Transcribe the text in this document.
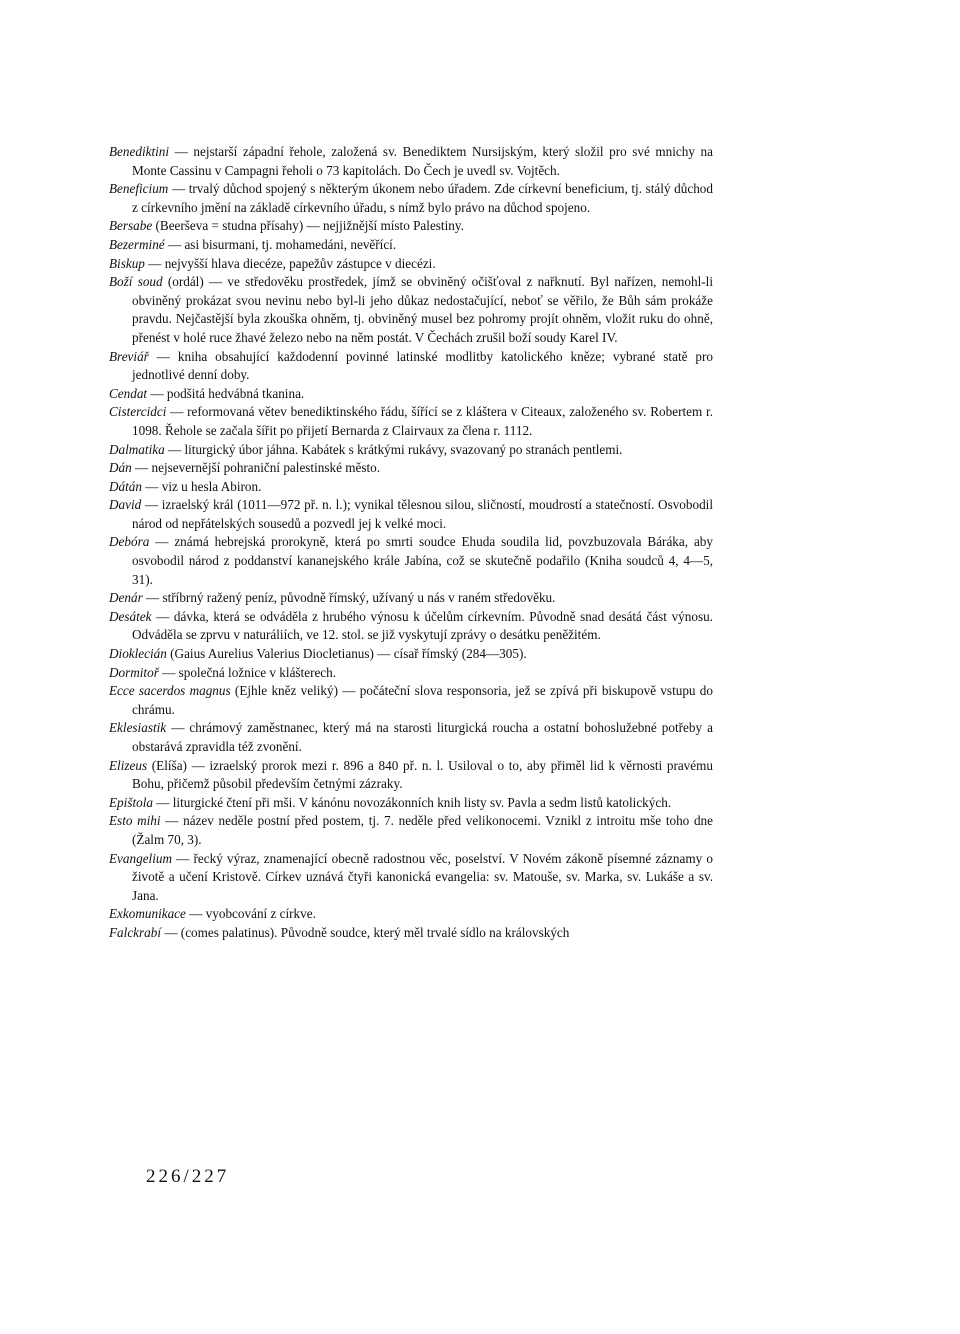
Benediktini — nejstarší západní řehole, založená sv. Benediktem Nursijským, který složil pro své mnichy na Monte Cassinu v Campagni řeholi o 73 kapitolách. Do Čech je uvedl sv. Vojtěch.

Beneficium — trvalý důchod spojený s některým úkonem nebo úřadem. Zde církevní beneficium, tj. stálý důchod z církevního jmění na základě církevního úřadu, s nímž bylo právo na důchod spojeno.

Bersabe (Beerševa = studna přísahy) — nejjižnější místo Palestiny.

Bezerminé — asi bisurmani, tj. mohamedáni, nevěřící.

Biskup — nejvyšší hlava diecéze, papežův zástupce v diecézi.

Boží soud (ordál) — ve středověku prostředek, jímž se obviněný očišťoval z nařknutí. Byl nařízen, nemohl-li obviněný prokázat svou nevinu nebo byl-li jeho důkaz nedostačující, neboť se věřilo, že Bůh sám prokáže pravdu. Nejčastější byla zkouška ohněm, tj. obviněný musel bez pohromy projít ohněm, vložit ruku do ohně, přenést v holé ruce žhavé železo nebo na něm postát. V Čechách zrušil boží soudy Karel IV.

Breviář — kniha obsahující každodenní povinné latinské modlitby katolického kněze; vybrané statě pro jednotlivé denní doby.

Cendat — podšitá hedvábná tkanina.

Cistercidci — reformovaná větev benediktinského řádu, šířící se z kláštera v Citeaux, založeného sv. Robertem r. 1098. Řehole se začala šířit po přijetí Bernarda z Clairvaux za člena r. 1112.

Dalmatika — liturgický úbor jáhna. Kabátek s krátkými rukávy, svazovaný po stranách pentlemi.

Dán — nejsevernější pohraniční palestinské město.

Dátán — viz u hesla Abiron.

David — izraelský král (1011—972 př. n. l.); vynikal tělesnou silou, sličností, moudrostí a statečností. Osvobodil národ od nepřátelských sousedů a pozvedl jej k velké moci.

Debóra — známá hebrejská prorokyně, která po smrti soudce Ehuda soudila lid, povzbuzovala Báráka, aby osvobodil národ z poddanství kananejského krále Jabína, což se skutečně podařilo (Kniha soudců 4, 4—5, 31).

Denár — stříbrný ražený peníz, původně římský, užívaný u nás v raném středověku.

Desátek — dávka, která se odváděla z hrubého výnosu k účelům církevním. Původně snad desátá část výnosu. Odváděla se zprvu v naturáliích, ve 12. stol. se již vyskytují zprávy o desátku peněžitém.

Dioklecián (Gaius Aurelius Valerius Diocletianus) — císař římský (284—305).

Dormitoř — společná ložnice v klášterech.

Ecce sacerdos magnus (Ejhle kněz veliký) — počáteční slova responsoria, jež se zpívá při biskupově vstupu do chrámu.

Eklesiastik — chrámový zaměstnanec, který má na starosti liturgická roucha a ostatní bohoslužebné potřeby a obstarává zpravidla též zvonění.

Elizeus (Elíša) — izraelský prorok mezi r. 896 a 840 př. n. l. Usiloval o to, aby přiměl lid k věrnosti pravému Bohu, přičemž působil především četnými zázraky.

Epištola — liturgické čtení při mši. V kánónu novozákonních knih listy sv. Pavla a sedm listů katolických.

Esto mihi — název neděle postní před postem, tj. 7. neděle před velikonocemi. Vznikl z introitu mše toho dne (Žalm 70, 3).

Evangelium — řecký výraz, znamenající obecně radostnou věc, poselství. V Novém zákoně písemné záznamy o životě a učení Kristově. Církev uznává čtyři kanonická evangelia: sv. Matouše, sv. Marka, sv. Lukáše a sv. Jana.

Exkomunikace — vyobcování z církve.

Falckrabí — (comes palatinus). Původně soudce, který měl trvalé sídlo na královských

226/227
